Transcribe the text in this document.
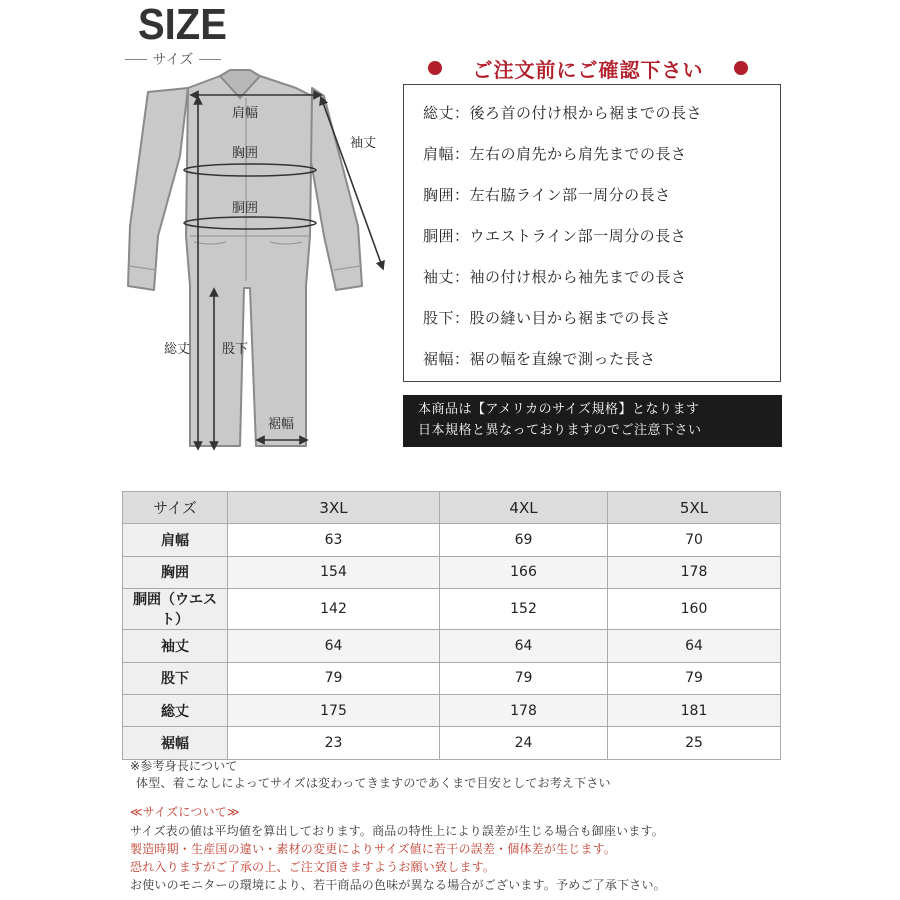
SIZE
サイズ
肩幅
胸囲
胴囲
袖丈
総丈 股下
裾幅
ご注文前にご確認下さい
総丈：後ろ首の付け根から裾までの長さ
肩幅：左右の肩先から肩先までの長さ
胸囲：左右脇ライン部一周分の長さ
胴囲：ウエストライン部一周分の長さ
袖丈：袖の付け根から袖先までの長さ
股下：股の縫い目から裾までの長さ
裾幅：裾の幅を直線で測った長さ
本商品は【アメリカのサイズ規格】となります
日本規格と異なっておりますのでご注意下さい
サイズ	3XL	4XL	5XL
肩幅	63	69	70
胸囲	154	166	178
胴囲（ウエスト）	142	152	160
袖丈	64	64	64
股下	79	79	79
総丈	175	178	181
裾幅	23	24	25
※参考身長について
体型、着こなしによってサイズは変わってきますのであくまで目安としてお考え下さい
≪サイズについて≫
サイズ表の値は平均値を算出しております。商品の特性上により誤差が生じる場合も御座います。
製造時期・生産国の違い・素材の変更によりサイズ値に若干の誤差・個体差が生じます。
恐れ入りますがご了承の上、ご注文頂きますようお願い致します。
お使いのモニターの環境により、若干商品の色味が異なる場合がございます。予めご了承下さい。
